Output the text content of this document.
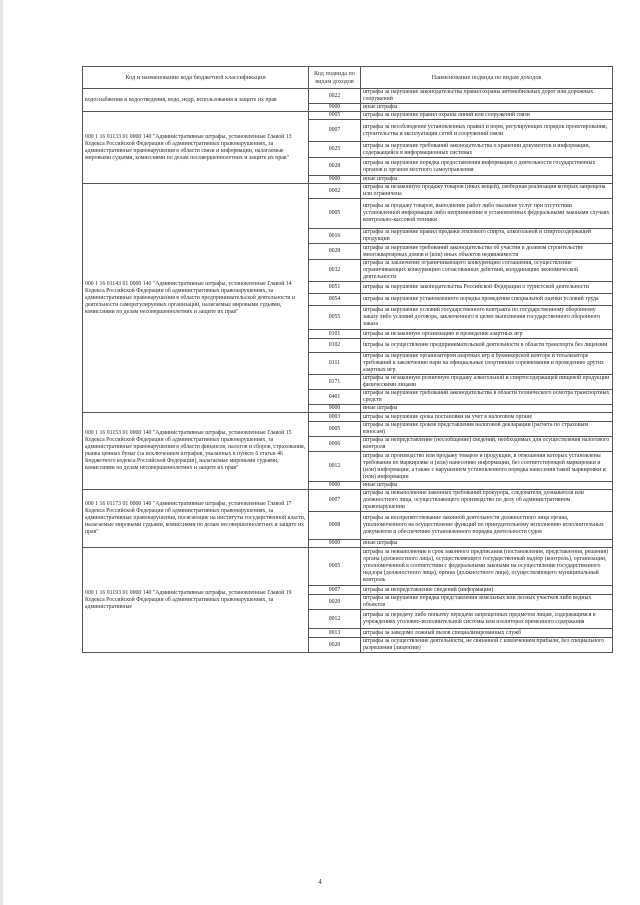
Код и наименование кода бюджетной классификации	Код подвида по видам доходов	Наименование подвида по видам доходов
водоснабжения и водоотведения, водо, недр, использования и защите их прав	0022	штрафы за нарушение законодательства правил охраны автомобильных дорог или дорожных сооружений
	9000	иные штрафы
000 1 16 01133 01 0000 140 "Административные штрафы, установленные Главой 13 Кодекса Российской Федерации об административных правонарушениях, за административные правонарушения в области связи и информации, налагаемые мировыми судьями, комиссиями по делам несовершеннолетних и защите их прав"	0005	штрафы за нарушение правил охраны линий или сооружений связи
	0007	штрафы за несоблюдение установленных правил и норм, регулирующих порядок проектирования, строительства и эксплуатации сетей и сооружений связи
	0025	штрафы за нарушение требований законодательства о хранении документов и информации, содержащейся в информационных системах
	0028	штрафы за нарушение порядка предоставления информации о деятельности государственных органов и органов местного самоуправления
	9000	иные штрафы
000 1 16 01143 01 0000 140 "Административные штрафы, установленные Главой 14 Кодекса Российской Федерации об административных правонарушениях, за административные правонарушения в области предпринимательской деятельности и деятельности саморегулируемых организаций, налагаемые мировыми судьями, комиссиями по делам несовершеннолетних и защите их прав"	0002	штрафы за незаконную продажу товаров (иных вещей), свободная реализация которых запрещена или ограничена
	0005	штрафы за продажу товаров, выполнение работ либо оказание услуг при отсутствии установленной информации либо неприменение в установленных федеральными законами случаях контрольно-кассовой техники
	0016	штрафы за нарушение правил продажи этилового спирта, алкогольной и спиртосодержащей продукции
	0028	штрафы за нарушение требований законодательства об участии в долевом строительстве многоквартирных домов и (или) иных объектов недвижимости
	0032	штрафы за заключение ограничивающего конкуренцию соглашения, осуществление ограничивающих конкуренцию согласованных действий, координацию экономической деятельности
	0051	штрафы за нарушение законодательства Российской Федерации о туристской деятельности
	0054	штрафы за нарушение установленного порядка проведения специальной оценки условий труда
	0055	штрафы за нарушение условий государственного контракта по государственному оборонному заказу либо условий договора, заключенного в целях выполнения государственного оборонного заказа
	0101	штрафы за незаконную организацию и проведение азартных игр
	0102	штрафы за осуществление предпринимательской деятельности в области транспорта без лицензии
	0111	штрафы за нарушение организатором азартных игр в букмекерской конторе и тотализаторе требований к заключению пари на официальные спортивные соревнования и проведению других азартных игр
	0171	штрафы за незаконную розничную продажу алкогольной и спиртосодержащей пищевой продукции физическими лицами
	0401	штрафы за нарушение требований законодательства в области технического осмотра транспортных средств
	9000	иные штрафы
000 1 16 01153 01 0000 140 "Административные штрафы, установленные Главой 15 Кодекса Российской Федерации об административных правонарушениях, за административные правонарушения в области финансов, налогов и сборов, страхования, рынка ценных бумаг (за исключением штрафов, указанных в пункте 6 статьи 46 Бюджетного кодекса Российской Федерации), налагаемые мировыми судьями, комиссиями по делам несовершеннолетних и защите их прав"	0003	штрафы за нарушение срока постановки на учет в налоговом органе
	0005	штрафы за нарушение сроков представления налоговой декларации (расчета по страховым взносам)
	0006	штрафы за непредставление (несообщение) сведений, необходимых для осуществления налогового контроля
	0012	штрафы за производство или продажу товаров и продукции, в отношении которых установлены требования по маркировке и (или) нанесению информации, без соответствующей маркировки и (или) информации, а также с нарушением установленного порядка нанесения такой маркировки и (или) информации
	9000	иные штрафы
000 1 16 01173 01 0000 140 "Административные штрафы, установленные Главой 17 Кодекса Российской Федерации об административных правонарушениях, за административные правонарушения, посягающие на институты государственной власти, налагаемые мировыми судьями, комиссиями по делам несовершеннолетних и защите их прав"	0007	штрафы за невыполнение законных требований прокурора, следователя, дознавателя или должностного лица, осуществляющего производство по делу об административном правонарушении
	0008	штрафы за воспрепятствование законной деятельности должностного лица органа, уполномоченного на осуществление функций по принудительному исполнению исполнительных документов и обеспечению установленного порядка деятельности судов
	9000	иные штрафы
000 1 16 01193 01 0000 140 "Административные штрафы, установленные Главой 19 Кодекса Российской Федерации об административных правонарушениях, за административные	0005	штрафы за невыполнение в срок законного предписания (постановления, представления, решения) органа (должностного лица), осуществляющего государственный надзор (контроль), организации, уполномоченной в соответствии с федеральными законами на осуществление государственного надзора (должностного лица), органа (должностного лица), осуществляющего муниципальный контроль
	0007	штрафы за непредставление сведений (информации)
	0020	штрафы за нарушение порядка представления земельных или лесных участков либо водных объектов
	0012	штрафы за передачу либо попытку передачи запрещенных предметов лицам, содержащимся в учреждениях уголовно-исполнительной системы или изоляторах временного содержания
	0013	штрафы за заведомо ложный вызов специализированных служб
	0020	штрафы за осуществление деятельности, не связанной с извлечением прибыли, без специального разрешения (лицензии)
4
